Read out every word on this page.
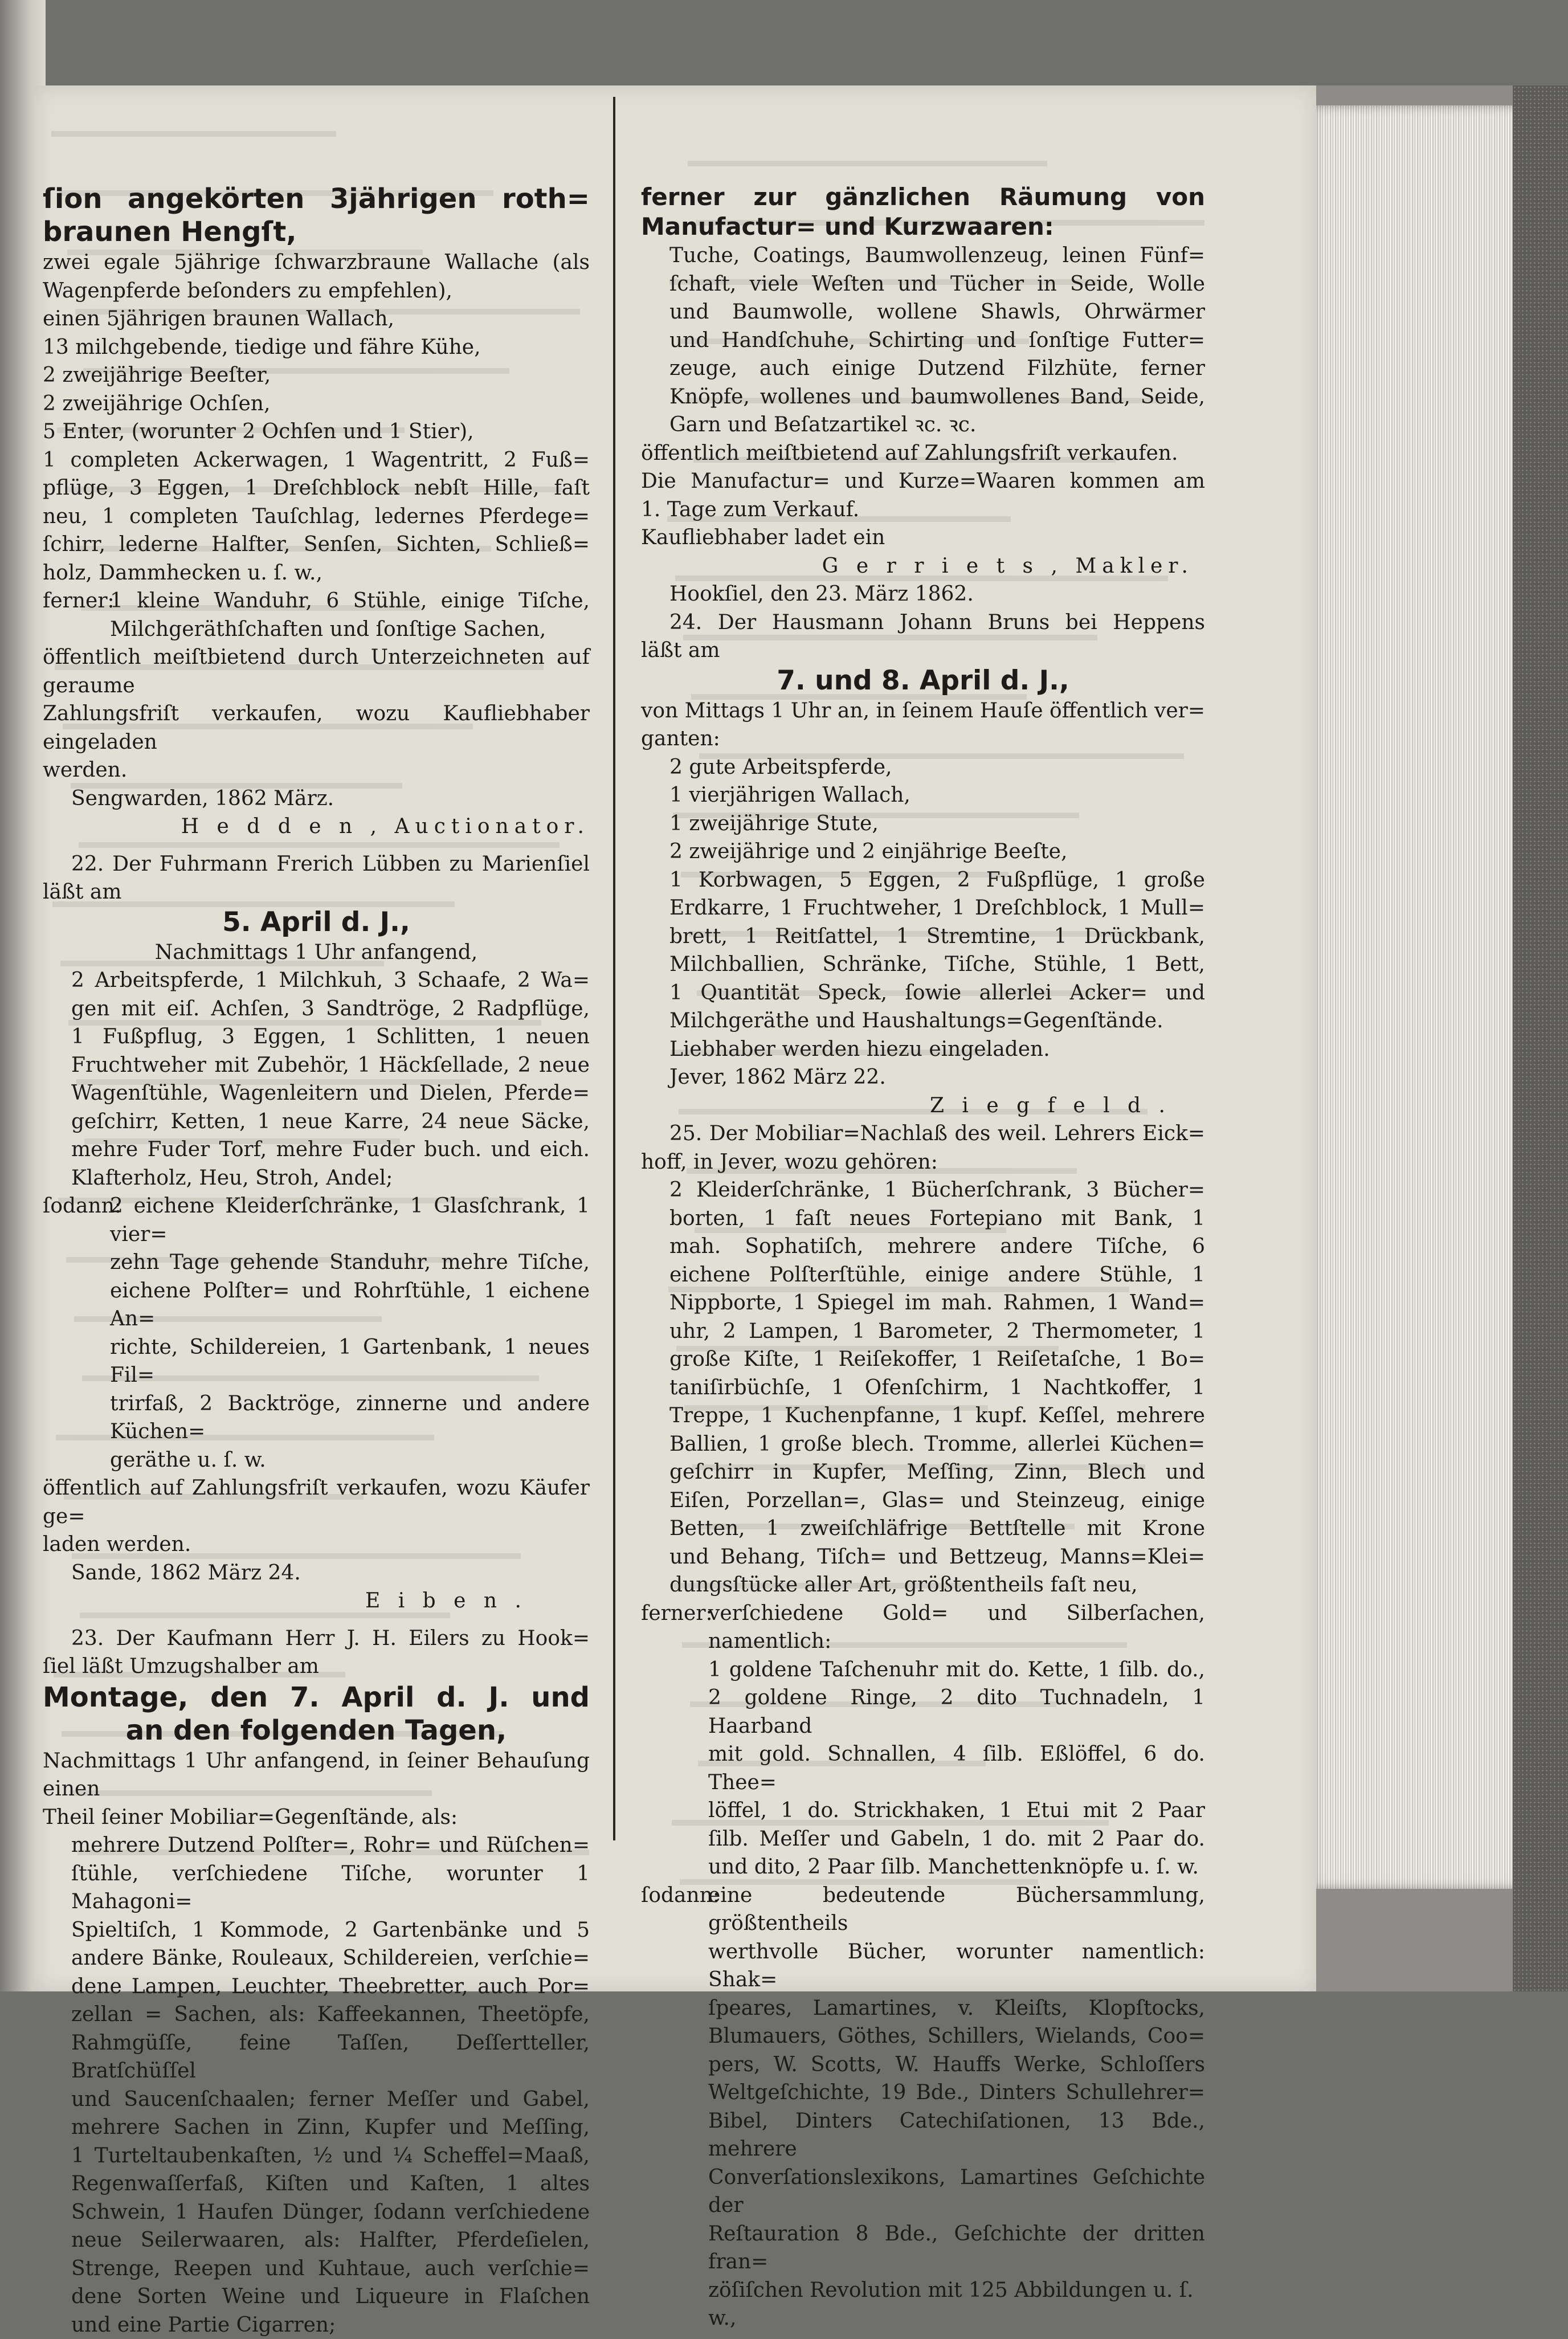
ſion angekörten 3jährigen roth=

braunen Hengſt,

zwei egale 5jährige ſchwarzbraune Wallache (als

Wagenpferde beſonders zu empfehlen),

einen 5jährigen braunen Wallach,

13 milchgebende, tiedige und fähre Kühe,

2 zweijährige Beeſter,

2 zweijährige Ochſen,

5 Enter, (worunter 2 Ochſen und 1 Stier),

1 completen Ackerwagen, 1 Wagentritt, 2 Fuß=

pflüge, 3 Eggen, 1 Dreſchblock nebſt Hille, faſt

neu, 1 completen Tauſchlag, ledernes Pferdege=

ſchirr, lederne Halfter, Senſen, Sichten, Schließ=

holz, Dammhecken u. ſ. w.,

ferner:

1 kleine Wanduhr, 6 Stühle, einige Tiſche,

Milchgeräthſchaften und ſonſtige Sachen,

öffentlich meiſtbietend durch Unterzeichneten auf geraume

Zahlungsfriſt verkaufen, wozu Kaufliebhaber eingeladen

werden.

Sengwarden, 1862 März.

H e d d e n , Auctionator.

22. Der Fuhrmann Frerich Lübben zu Marienſiel

läßt am

5. April d. J.,

Nachmittags 1 Uhr anfangend,

2 Arbeitspferde, 1 Milchkuh, 3 Schaafe, 2 Wa=

gen mit eiſ. Achſen, 3 Sandtröge, 2 Radpflüge,

1 Fußpflug, 3 Eggen, 1 Schlitten, 1 neuen

Fruchtweher mit Zubehör, 1 Häckſellade, 2 neue

Wagenſtühle, Wagenleitern und Dielen, Pferde=

geſchirr, Ketten, 1 neue Karre, 24 neue Säcke,

mehre Fuder Torf, mehre Fuder buch. und eich.

Klafterholz, Heu, Stroh, Andel;

ſodann:

2 eichene Kleiderſchränke, 1 Glasſchrank, 1 vier=

zehn Tage gehende Standuhr, mehre Tiſche,

eichene Polſter= und Rohrſtühle, 1 eichene An=

richte, Schildereien, 1 Gartenbank, 1 neues Fil=

trirfaß, 2 Backtröge, zinnerne und andere Küchen=

geräthe u. ſ. w.

öffentlich auf Zahlungsfriſt verkaufen, wozu Käufer ge=

laden werden.

Sande, 1862 März 24.

E i b e n .

23. Der Kaufmann Herr J. H. Eilers zu Hook=

ſiel läßt Umzugshalber am

Montage, den 7. April d. J. und

an den folgenden Tagen,

Nachmittags 1 Uhr anfangend, in ſeiner Behauſung einen

Theil ſeiner Mobiliar=Gegenſtände, als:

mehrere Dutzend Polſter=, Rohr= und Rüſchen=

ſtühle, verſchiedene Tiſche, worunter 1 Mahagoni=

Spieltiſch, 1 Kommode, 2 Gartenbänke und 5

andere Bänke, Rouleaux, Schildereien, verſchie=

dene Lampen, Leuchter, Theebretter, auch Por=

zellan = Sachen, als: Kaffeekannen, Theetöpfe,

Rahmgüſſe, feine Taſſen, Deſſertteller, Bratſchüſſel

und Saucenſchaalen; ferner Meſſer und Gabel,

mehrere Sachen in Zinn, Kupfer und Meſſing,

1 Turteltaubenkaſten, ½ und ¼ Scheffel=Maaß,

Regenwaſſerfaß, Kiſten und Kaſten, 1 altes

Schwein, 1 Haufen Dünger, ſodann verſchiedene

neue Seilerwaaren, als: Halfter, Pferdeſielen,

Strenge, Reepen und Kuhtaue, auch verſchie=

dene Sorten Weine und Liqueure in Flaſchen

und eine Partie Cigarren;

ferner zur gänzlichen Räumung von

Manufactur= und Kurzwaaren:

Tuche, Coatings, Baumwollenzeug, leinen Fünf=

ſchaft, viele Weſten und Tücher in Seide, Wolle

und Baumwolle, wollene Shawls, Ohrwärmer

und Handſchuhe, Schirting und ſonſtige Futter=

zeuge, auch einige Dutzend Filzhüte, ferner

Knöpfe, wollenes und baumwollenes Band, Seide,

Garn und Beſatzartikel ꝛc. ꝛc.

öffentlich meiſtbietend auf Zahlungsfriſt verkaufen.

Die Manufactur= und Kurze=Waaren kommen am

1. Tage zum Verkauf.

Kaufliebhaber ladet ein

G e r r i e t s , Makler.

Hookſiel, den 23. März 1862.

24. Der Hausmann Johann Bruns bei Heppens

läßt am

7. und 8. April d. J.,

von Mittags 1 Uhr an, in ſeinem Hauſe öffentlich ver=

ganten:

2 gute Arbeitspferde,

1 vierjährigen Wallach,

1 zweijährige Stute,

2 zweijährige und 2 einjährige Beeſte,

1 Korbwagen, 5 Eggen, 2 Fußpflüge, 1 große

Erdkarre, 1 Fruchtweher, 1 Dreſchblock, 1 Mull=

brett, 1 Reitſattel, 1 Stremtine, 1 Drückbank,

Milchballien, Schränke, Tiſche, Stühle, 1 Bett,

1 Quantität Speck, ſowie allerlei Acker= und

Milchgeräthe und Haushaltungs=Gegenſtände.

Liebhaber werden hiezu eingeladen.

Jever, 1862 März 22.

Z i e g f e l d .

25. Der Mobiliar=Nachlaß des weil. Lehrers Eick=

hoff, in Jever, wozu gehören:

2 Kleiderſchränke, 1 Bücherſchrank, 3 Bücher=

borten, 1 faſt neues Fortepiano mit Bank, 1

mah. Sophatiſch, mehrere andere Tiſche, 6

eichene Polſterſtühle, einige andere Stühle, 1

Nippborte, 1 Spiegel im mah. Rahmen, 1 Wand=

uhr, 2 Lampen, 1 Barometer, 2 Thermometer, 1

große Kiſte, 1 Reiſekoffer, 1 Reiſetaſche, 1 Bo=

taniſirbüchſe, 1 Ofenſchirm, 1 Nachtkoffer, 1

Treppe, 1 Kuchenpfanne, 1 kupf. Keſſel, mehrere

Ballien, 1 große blech. Tromme, allerlei Küchen=

geſchirr in Kupfer, Meſſing, Zinn, Blech und

Eiſen, Porzellan=, Glas= und Steinzeug, einige

Betten, 1 zweiſchläfrige Bettſtelle mit Krone

und Behang, Tiſch= und Bettzeug, Manns=Klei=

dungsſtücke aller Art, größtentheils faſt neu,

ferner:

verſchiedene Gold= und Silberſachen, namentlich:

1 goldene Taſchenuhr mit do. Kette, 1 ſilb. do.,

2 goldene Ringe, 2 dito Tuchnadeln, 1 Haarband

mit gold. Schnallen, 4 ſilb. Eßlöffel, 6 do. Thee=

löffel, 1 do. Strickhaken, 1 Etui mit 2 Paar

ſilb. Meſſer und Gabeln, 1 do. mit 2 Paar do.

und dito, 2 Paar ſilb. Manchettenknöpfe u. ſ. w.

ſodann:

eine bedeutende Büchersammlung, größtentheils

werthvolle Bücher, worunter namentlich: Shak=

ſpeares, Lamartines, v. Kleiſts, Klopſtocks,

Blumauers, Göthes, Schillers, Wielands, Coo=

pers, W. Scotts, W. Hauffs Werke, Schloſſers

Weltgeſchichte, 19 Bde., Dinters Schullehrer=

Bibel, Dinters Catechiſationen, 13 Bde., mehrere

Converſationslexikons, Lamartines Geſchichte der

Reſtauration 8 Bde., Geſchichte der dritten fran=

zöſiſchen Revolution mit 125 Abbildungen u. ſ. w.,
